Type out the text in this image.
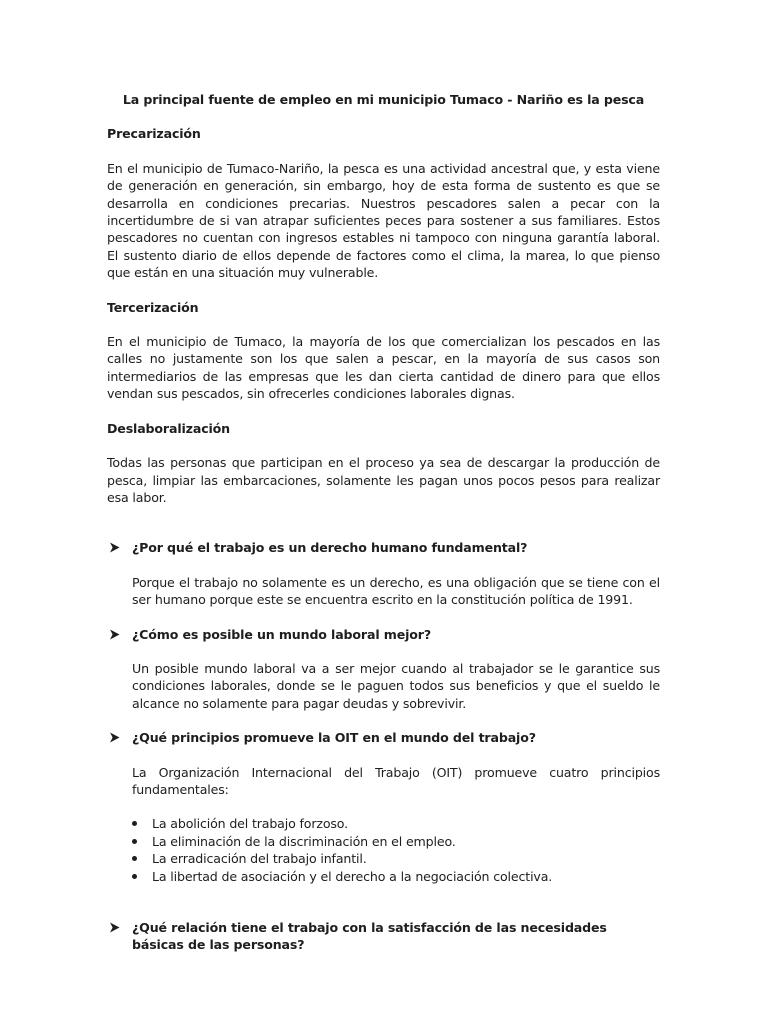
La principal fuente de empleo en mi municipio Tumaco - Nariño es la pesca
Precarización
En el municipio de Tumaco-Nariño, la pesca es una actividad ancestral que, y esta viene de generación en generación, sin embargo, hoy de esta forma de sustento es que se desarrolla en condiciones precarias. Nuestros pescadores salen a pecar con la incertidumbre de si van atrapar suficientes peces para sostener a sus familiares. Estos pescadores no cuentan con ingresos estables ni tampoco con ninguna garantía laboral. El sustento diario de ellos depende de factores como el clima, la marea, lo que pienso que están en una situación muy vulnerable.
Tercerización
En el municipio de Tumaco, la mayoría de los que comercializan los pescados en las calles no justamente son los que salen a pescar, en la mayoría de sus casos son intermediarios de las empresas que les dan cierta cantidad de dinero para que ellos vendan sus pescados, sin ofrecerles condiciones laborales dignas.
Deslaboralización
Todas las personas que participan en el proceso ya sea de descargar la producción de pesca, limpiar las embarcaciones, solamente les pagan unos pocos pesos para realizar esa labor.
¿Por qué el trabajo es un derecho humano fundamental?
Porque el trabajo no solamente es un derecho, es una obligación que se tiene con el ser humano porque este se encuentra escrito en la constitución política de 1991.
¿Cómo es posible un mundo laboral mejor?
Un posible mundo laboral va a ser mejor cuando al trabajador se le garantice sus condiciones laborales, donde se le paguen todos sus beneficios y que el sueldo le alcance no solamente para pagar deudas y sobrevivir.
¿Qué principios promueve la OIT en el mundo del trabajo?
La Organización Internacional del Trabajo (OIT) promueve cuatro principios fundamentales:
La abolición del trabajo forzoso.
La eliminación de la discriminación en el empleo.
La erradicación del trabajo infantil.
La libertad de asociación y el derecho a la negociación colectiva.
¿Qué relación tiene el trabajo con la satisfacción de las necesidades básicas de las personas?
